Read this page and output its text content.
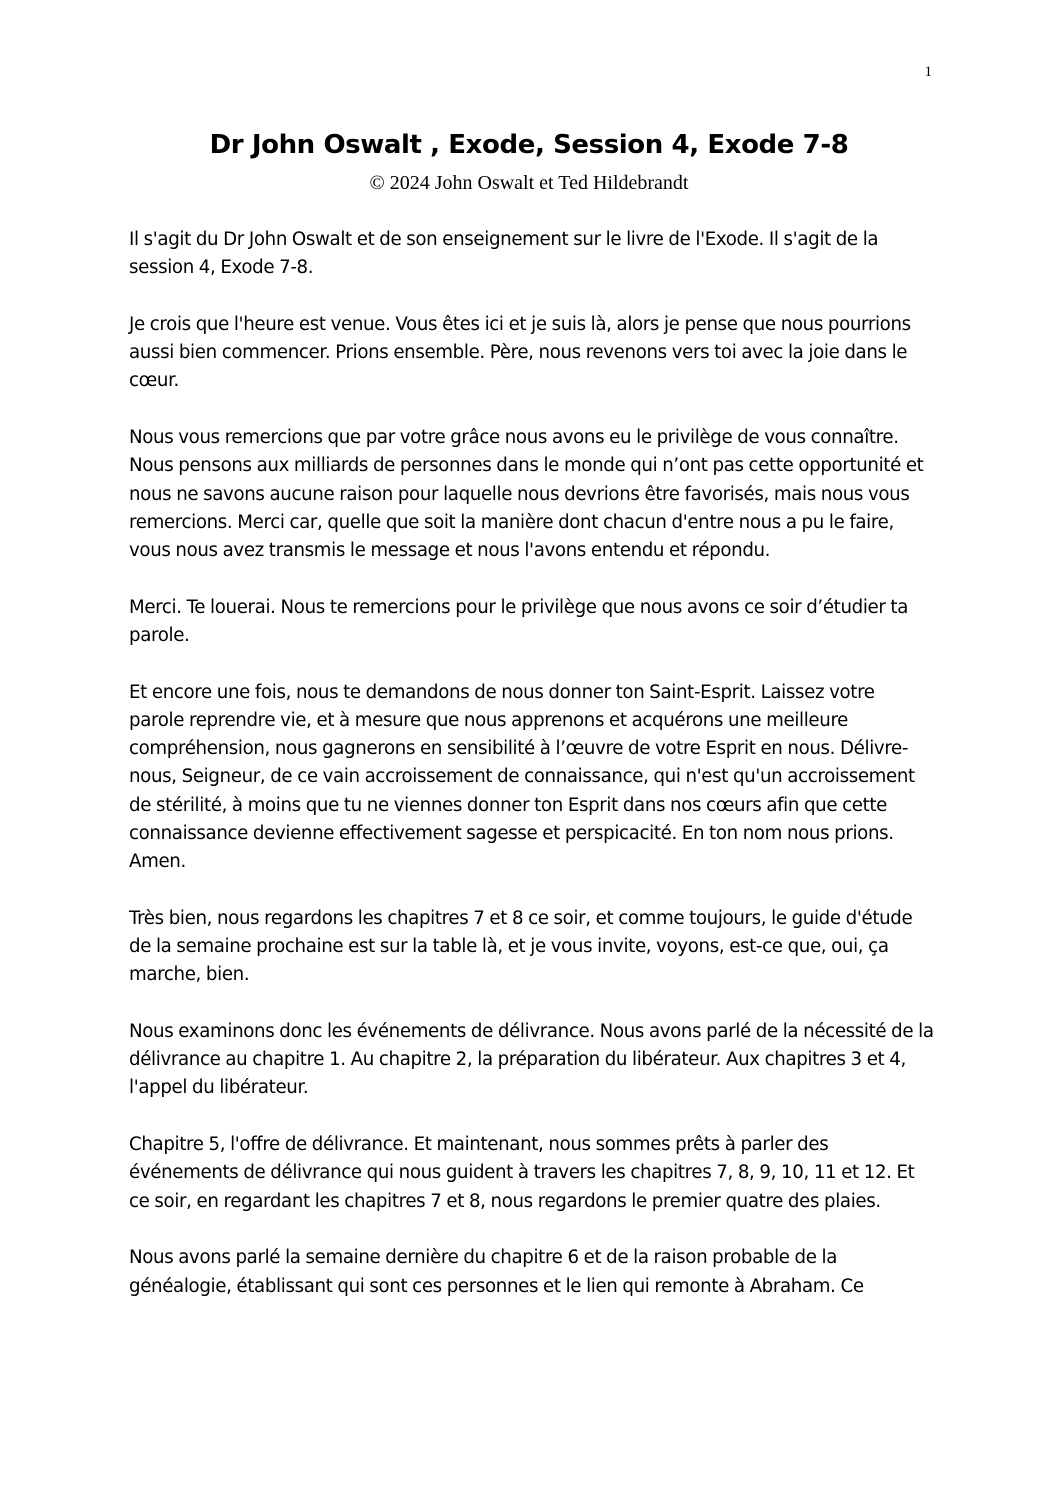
1
Dr John Oswalt , Exode, Session 4, Exode 7-8
© 2024 John Oswalt et Ted Hildebrandt

Il s'agit du Dr John Oswalt et de son enseignement sur le livre de l'Exode. Il s'agit de la session 4, Exode 7-8.

Je crois que l'heure est venue. Vous êtes ici et je suis là, alors je pense que nous pourrions aussi bien commencer. Prions ensemble. Père, nous revenons vers toi avec la joie dans le cœur.

Nous vous remercions que par votre grâce nous avons eu le privilège de vous connaître. Nous pensons aux milliards de personnes dans le monde qui n’ont pas cette opportunité et nous ne savons aucune raison pour laquelle nous devrions être favorisés, mais nous vous remercions. Merci car, quelle que soit la manière dont chacun d'entre nous a pu le faire, vous nous avez transmis le message et nous l'avons entendu et répondu.

Merci. Te louerai. Nous te remercions pour le privilège que nous avons ce soir d’étudier ta parole.

Et encore une fois, nous te demandons de nous donner ton Saint-Esprit. Laissez votre parole reprendre vie, et à mesure que nous apprenons et acquérons une meilleure compréhension, nous gagnerons en sensibilité à l’œuvre de votre Esprit en nous. Délivre-nous, Seigneur, de ce vain accroissement de connaissance, qui n'est qu'un accroissement de stérilité, à moins que tu ne viennes donner ton Esprit dans nos cœurs afin que cette connaissance devienne effectivement sagesse et perspicacité. En ton nom nous prions. Amen.

Très bien, nous regardons les chapitres 7 et 8 ce soir, et comme toujours, le guide d'étude de la semaine prochaine est sur la table là, et je vous invite, voyons, est-ce que, oui, ça marche, bien.

Nous examinons donc les événements de délivrance. Nous avons parlé de la nécessité de la délivrance au chapitre 1. Au chapitre 2, la préparation du libérateur. Aux chapitres 3 et 4, l'appel du libérateur.

Chapitre 5, l'offre de délivrance. Et maintenant, nous sommes prêts à parler des événements de délivrance qui nous guident à travers les chapitres 7, 8, 9, 10, 11 et 12. Et ce soir, en regardant les chapitres 7 et 8, nous regardons le premier quatre des plaies.

Nous avons parlé la semaine dernière du chapitre 6 et de la raison probable de la généalogie, établissant qui sont ces personnes et le lien qui remonte à Abraham. Ce
